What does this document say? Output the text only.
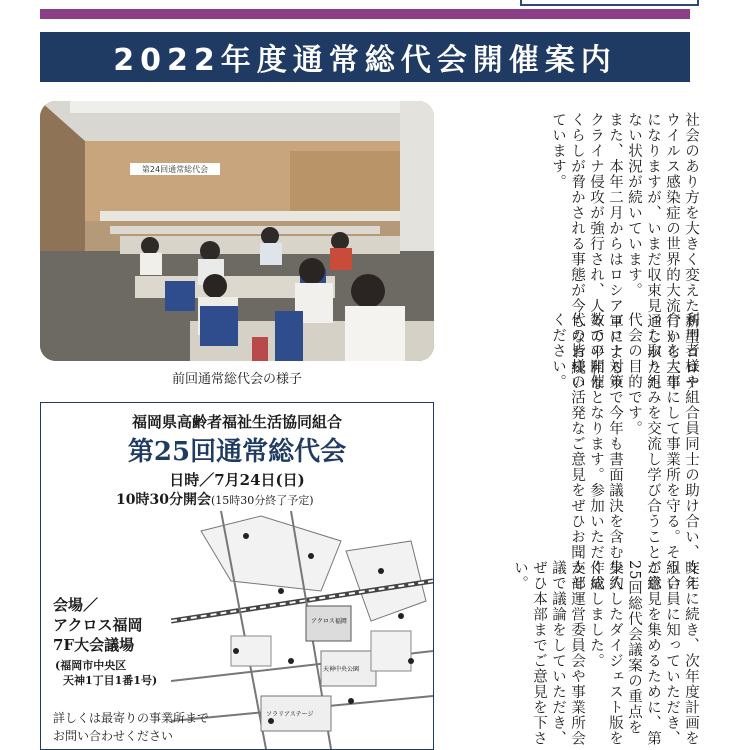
2022年度通常総代会開催案内
第24回通常総代会
前回通常総代会の様子
福岡県高齢者福祉生活協同組合
第25回通常総代会
日時／7月24日(日)
10時30分開会(15時30分終了予定)
アクロス福岡
天神中央公園
ソラリアステージ
会場／
アクロス福岡
7F大会議場
(福岡市中央区
天神1丁目1番1号)
詳しくは最寄りの事業所まで
お問い合わせください
社会のあり方を大きく変えた新型コロナウイルス感染症の世界的大流行から三年になりますが、いまだ収束見通しがたたない状況が続いています。
また、本年二月からはロシア軍によるウクライナ侵攻が強行され、人々の平和なくらしが脅かされる事態が今もなお続いています。
利用者様や組合員同士の助け合い、支え合いを大事にして事業所を守る。そういった取り組みを交流し学び合うことが総代会の目的です。
コロナ対策で今年も書面議決を含む少人数での開催となります。参加いただく総代の皆様の活発なご意見をぜひお聞かせください。
昨年に続き、次年度計画を組合員に知っていただき、ご意見を集めるために、第25回総代会議案の重点を集約したダイジェスト版を作成しました。
支部運営委員会や事業所会議で議論をしていただき、ぜひ本部までご意見を下さい。
